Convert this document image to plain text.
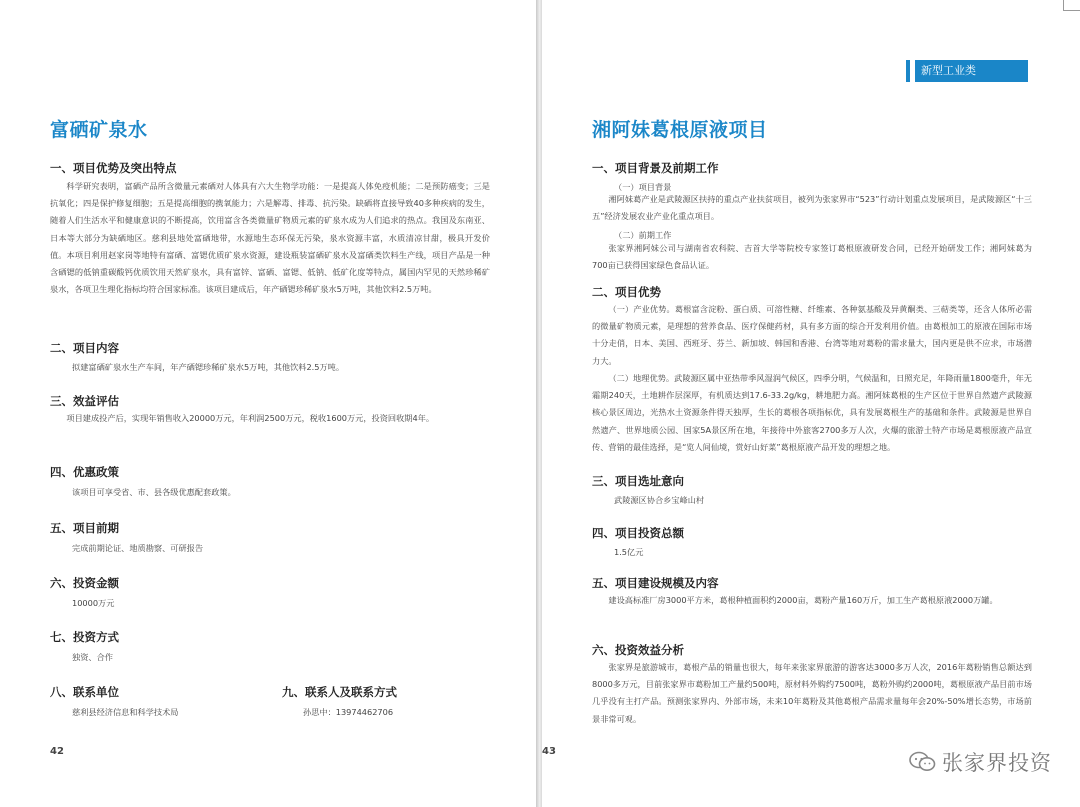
富硒矿泉水
一、项目优势及突出特点
科学研究表明，富硒产品所含微量元素硒对人体具有六大生物学功能：一是提高人体免疫机能；二是预防癌变；三是抗氧化；四是保护修复细胞；五是提高细胞的携氧能力；六是解毒、排毒、抗污染。缺硒将直接导致40多种疾病的发生，随着人们生活水平和健康意识的不断提高，饮用富含各类微量矿物质元素的矿泉水成为人们追求的热点。我国及东南亚、日本等大部分为缺硒地区。慈利县地处富硒地带，水源地生态环保无污染，泉水资源丰富，水质清凉甘甜，极具开发价值。本项目利用赵家岗等地特有富硒、富锶优质矿泉水资源，建设瓶装富硒矿泉水及富硒类饮料生产线，项目产品是一种含硒锶的低钠重碳酸钙优质饮用天然矿泉水，具有富锌、富硒、富锶、低钠、低矿化度等特点，属国内罕见的天然珍稀矿泉水，各项卫生理化指标均符合国家标准。该项目建成后，年产硒锶珍稀矿泉水5万吨，其他饮料2.5万吨。
二、项目内容
拟建富硒矿泉水生产车间，年产硒锶珍稀矿泉水5万吨，其他饮料2.5万吨。
三、效益评估
项目建成投产后，实现年销售收入20000万元，年利润2500万元，税收1600万元，投资回收期4年。
四、优惠政策
该项目可享受省、市、县各级优惠配套政策。
五、项目前期
完成前期论证、地质勘察、可研报告
六、投资金额
10000万元
七、投资方式
独资、合作
八、联系单位
慈利县经济信息和科学技术局
九、联系人及联系方式
孙思中：13974462706
42
新型工业类
湘阿妹葛根原液项目
一、项目背景及前期工作
（一）项目背景
湘阿妹葛产业是武陵源区扶持的重点产业扶贫项目，被列为张家界市“523”行动计划重点发展项目，是武陵源区“十三五”经济发展农业产业化重点项目。
（二）前期工作
张家界湘阿妹公司与湖南省农科院、吉首大学等院校专家签订葛根原液研发合同，已经开始研发工作；湘阿妹葛为700亩已获得国家绿色食品认证。
二、项目优势
（一）产业优势。葛根富含淀粉、蛋白质、可溶性糖、纤维素、各种氨基酸及异黄酮类、三萜类等，还含人体所必需的微量矿物质元素，是理想的营养食品、医疗保健药材，具有多方面的综合开发利用价值。由葛根加工的原液在国际市场十分走俏，日本、美国、西班牙、芬兰、新加坡、韩国和香港、台湾等地对葛粉的需求量大，国内更是供不应求，市场潜力大。
（二）地理优势。武陵源区属中亚热带季风湿润气候区，四季分明，气候温和，日照充足，年降雨量1800毫升，年无霜期240天，土地耕作层深厚，有机质达到17.6-33.2g/kg，耕地肥力高。湘阿妹葛根的生产区位于世界自然遗产武陵源核心景区周边，光热水土资源条件得天独厚，生长的葛根各项指标优，具有发展葛根生产的基础和条件。武陵源是世界自然遗产、世界地质公园、国家5A景区所在地，年接待中外旅客2700多万人次，火爆的旅游土特产市场是葛根原液产品宣传、营销的最佳选择，是“览人间仙境，赏好山好菜”葛根原液产品开发的理想之地。
三、项目选址意向
武陵源区协合乡宝峰山村
四、项目投资总额
1.5亿元
五、项目建设规模及内容
建设高标准厂房3000平方米，葛根种植面积约2000亩，葛粉产量160万斤，加工生产葛根原液2000万罐。
六、投资效益分析
张家界是旅游城市，葛根产品的销量也很大，每年来张家界旅游的游客达3000多万人次，2016年葛粉销售总额达到8000多万元，目前张家界市葛粉加工产量约500吨，原材料外购约7500吨，葛粉外购约2000吨，葛根原液产品目前市场几乎没有主打产品。预测张家界内、外部市场，未来10年葛粉及其他葛根产品需求量每年会20%-50%增长态势，市场前景非常可观。
43	张家界投资
